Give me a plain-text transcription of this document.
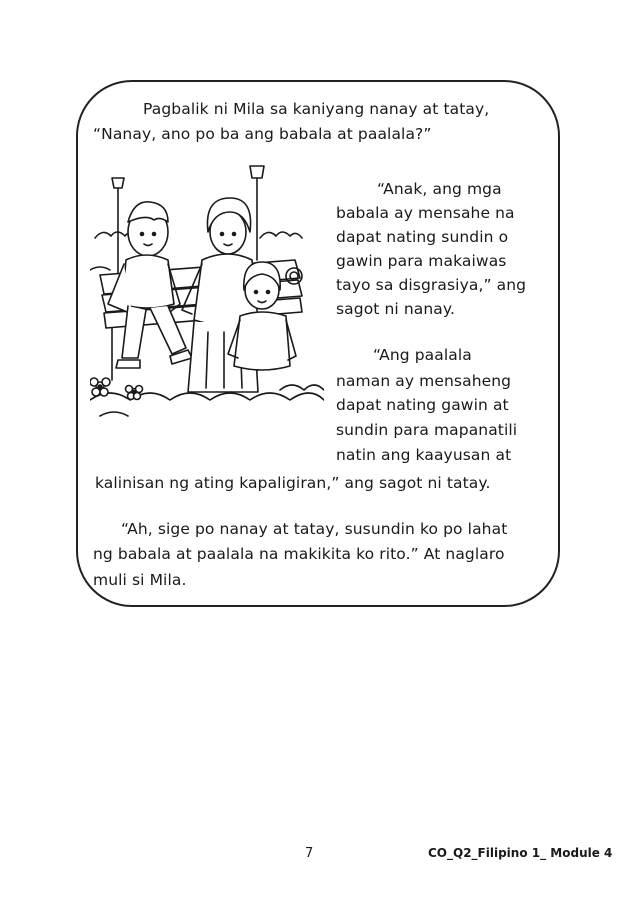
Pagbalik ni Mila sa kaniyang nanay at tatay,

“Nanay, ano po ba ang babala at paalala?”

“Anak, ang mga

babala ay mensahe na

dapat nating sundin o

gawin para makaiwas

tayo sa disgrasiya,” ang

sagot ni nanay.

“Ang paalala

naman ay mensaheng

dapat nating gawin at

sundin para mapanatili

natin ang kaayusan at

kalinisan ng ating kapaligiran,” ang sagot ni tatay.

“Ah, sige po nanay at tatay, susundin ko po lahat

ng babala at paalala na makikita ko rito.” At naglaro

muli si Mila.

7	CO_Q2_Filipino 1_ Module 4
